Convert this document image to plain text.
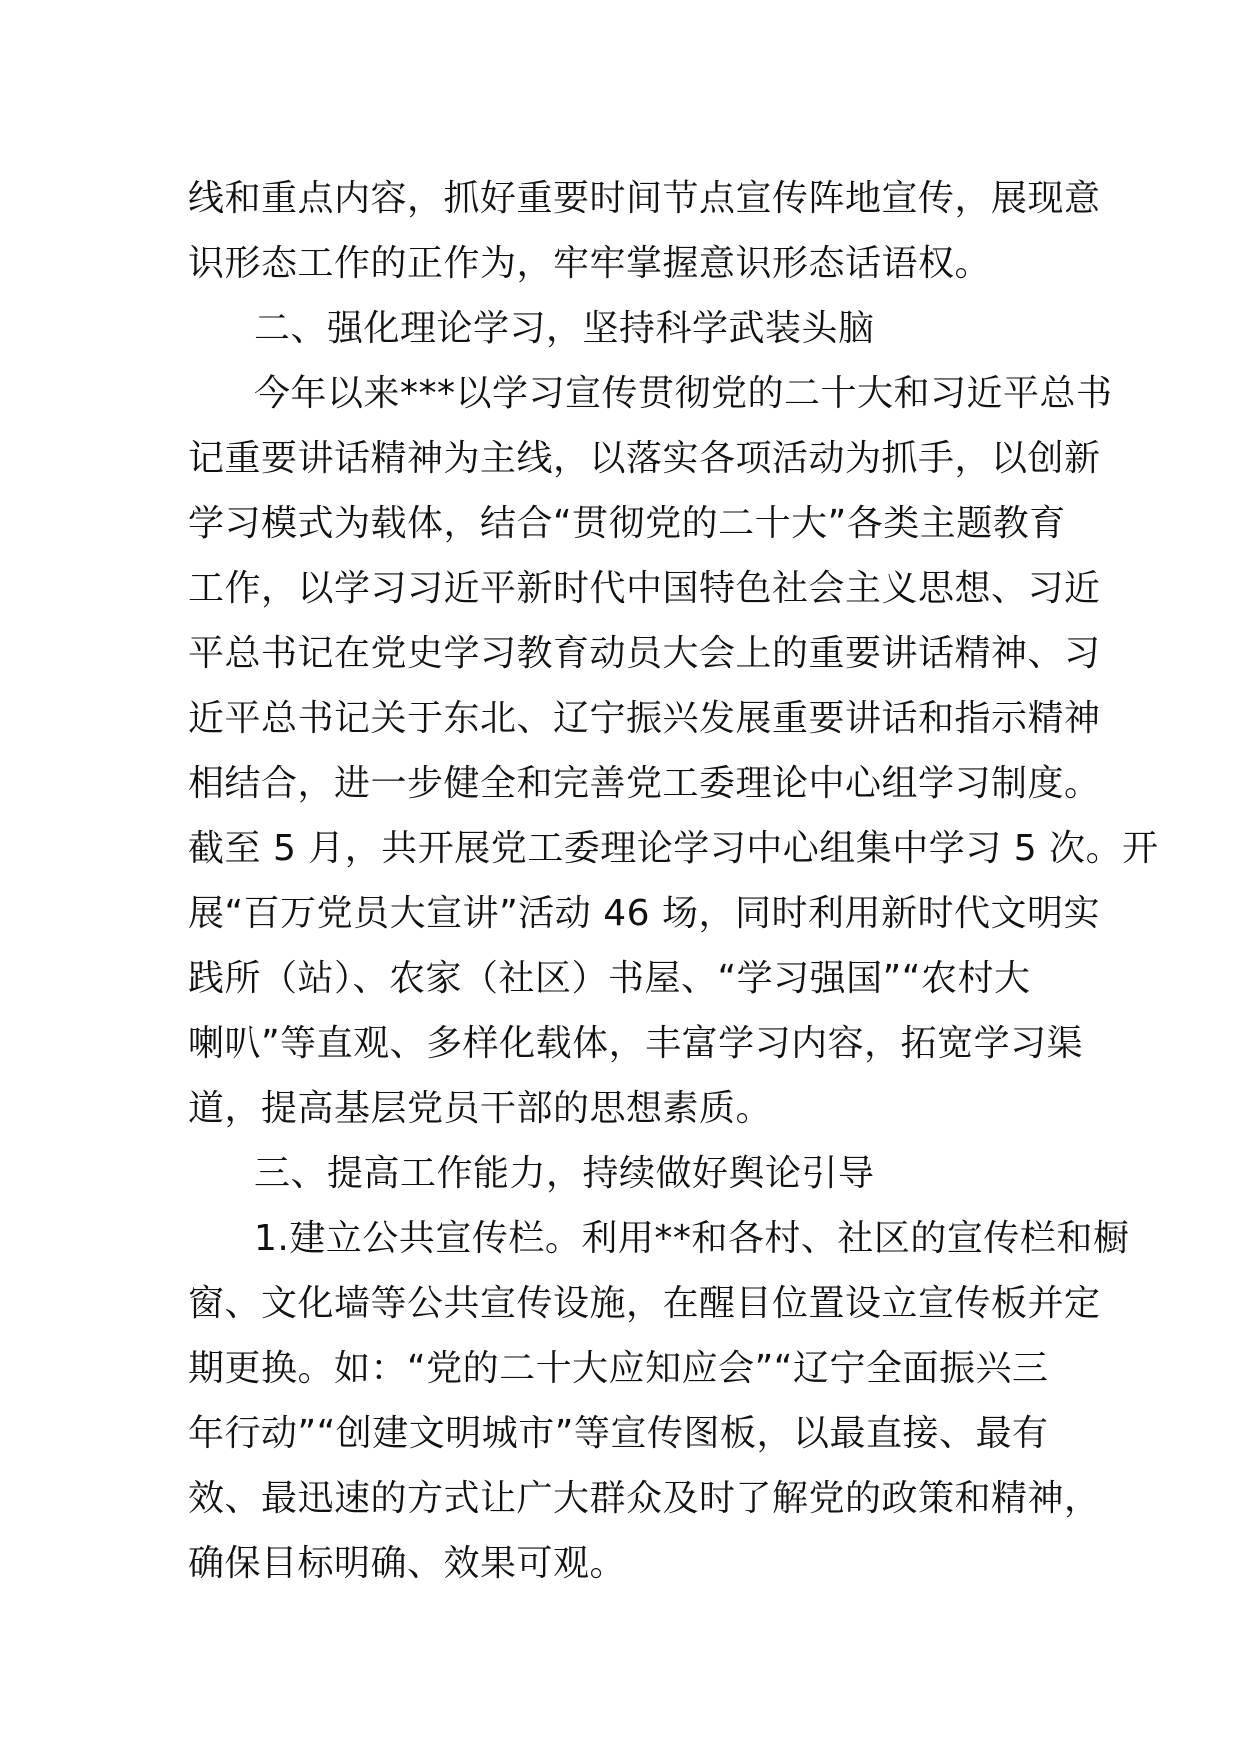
线和重点内容，抓好重要时间节点宣传阵地宣传，展现意
识形态工作的正作为，牢牢掌握意识形态话语权。
二、强化理论学习，坚持科学武装头脑
今年以来***以学习宣传贯彻党的二十大和习近平总书
记重要讲话精神为主线，以落实各项活动为抓手，以创新
学习模式为载体，结合“贯彻党的二十大”各类主题教育
工作，以学习习近平新时代中国特色社会主义思想、习近
平总书记在党史学习教育动员大会上的重要讲话精神、习
近平总书记关于东北、辽宁振兴发展重要讲话和指示精神
相结合，进一步健全和完善党工委理论中心组学习制度。
截至 5 月，共开展党工委理论学习中心组集中学习 5 次。开
展“百万党员大宣讲”活动 46 场，同时利用新时代文明实
践所（站）、农家（社区）书屋、“学习强国”“农村大
喇叭”等直观、多样化载体，丰富学习内容，拓宽学习渠
道，提高基层党员干部的思想素质。
三、提高工作能力，持续做好舆论引导
1.建立公共宣传栏。利用**和各村、社区的宣传栏和橱
窗、文化墙等公共宣传设施，在醒目位置设立宣传板并定
期更换。如：“党的二十大应知应会”“辽宁全面振兴三
年行动”“创建文明城市”等宣传图板，以最直接、最有
效、最迅速的方式让广大群众及时了解党的政策和精神，
确保目标明确、效果可观。
